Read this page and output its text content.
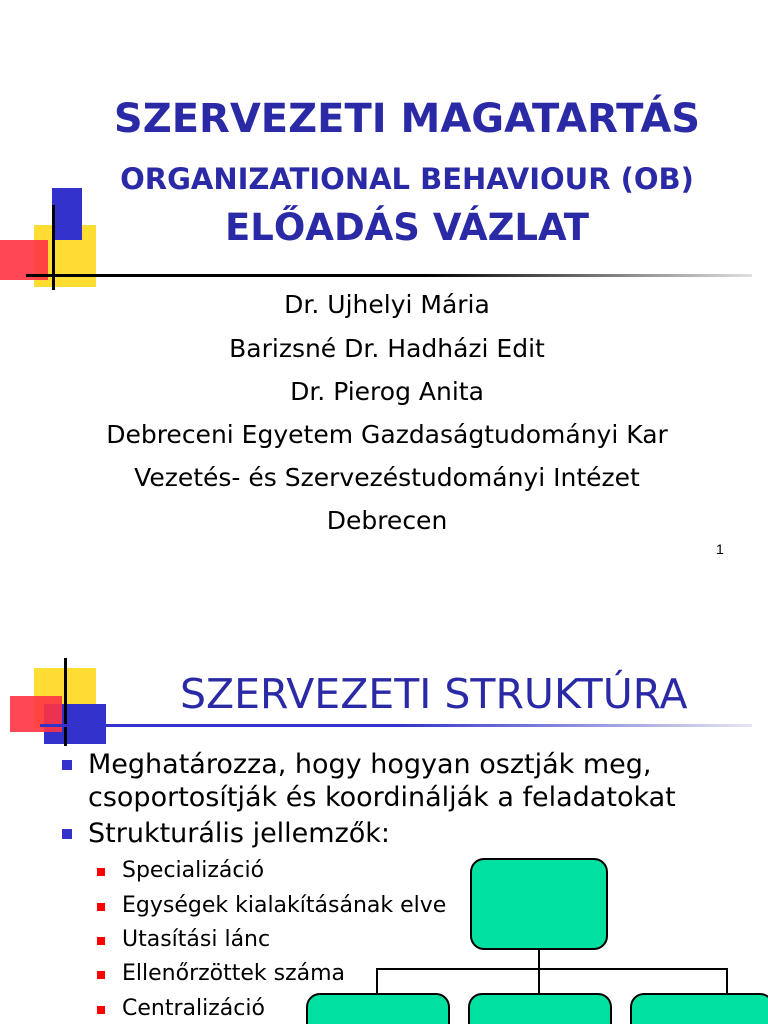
SZERVEZETI MAGATARTÁS
ORGANIZATIONAL BEHAVIOUR (OB)
ELŐADÁS VÁZLAT
Dr. Ujhelyi Mária
Barizsné Dr. Hadházi Edit
Dr. Pierog Anita
Debreceni Egyetem Gazdaságtudományi Kar
Vezetés- és Szervezéstudományi Intézet
Debrecen
1
SZERVEZETI STRUKTÚRA
Meghatározza, hogy hogyan osztják meg,
csoportosítják és koordinálják a feladatokat
Strukturális jellemzők:
Specializáció
Egységek kialakításának elve
Utasítási lánc
Ellenőrzöttek száma
Centralizáció
